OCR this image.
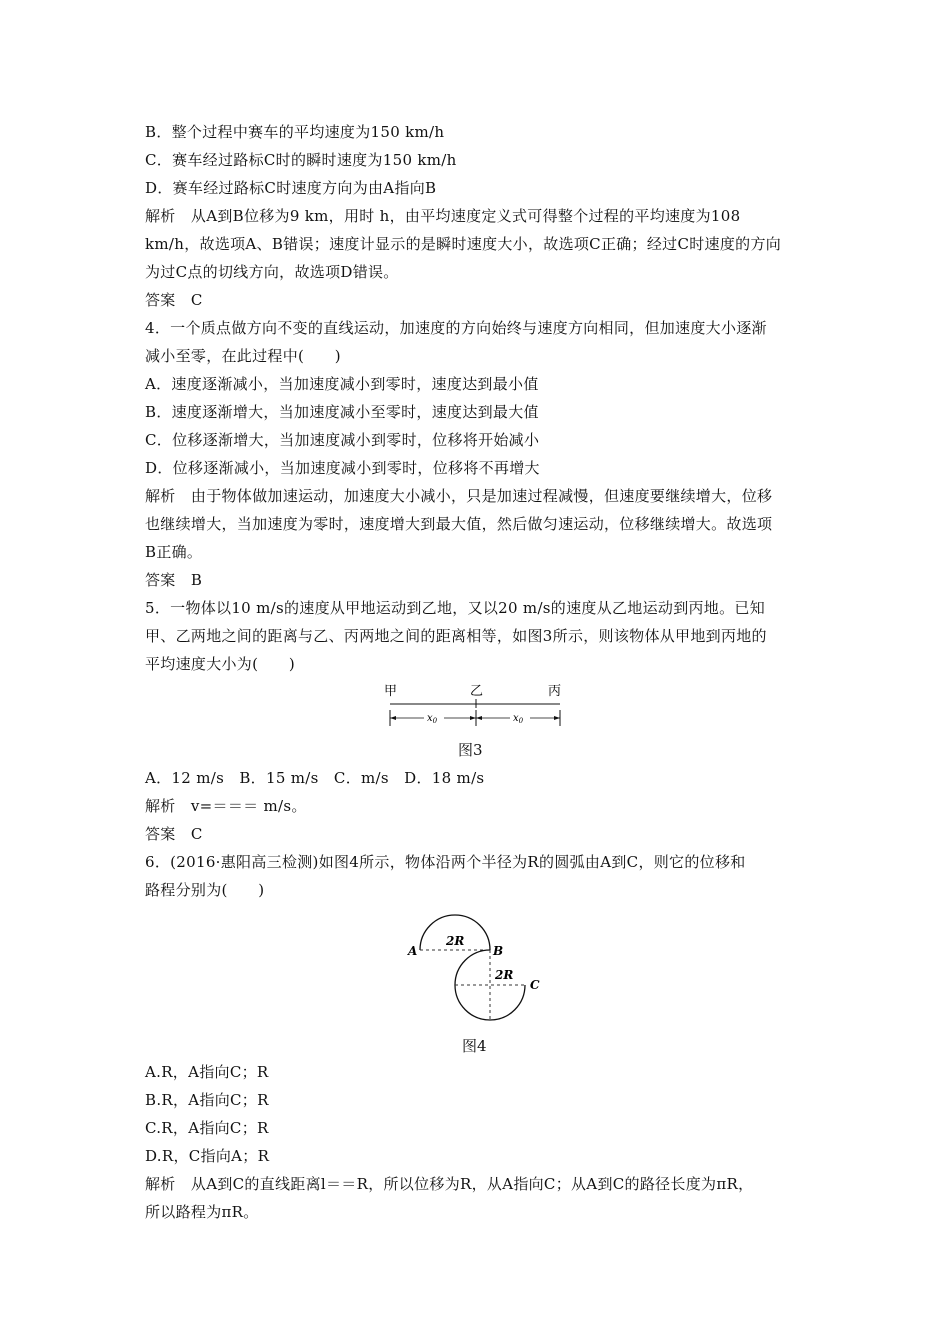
B．整个过程中赛车的平均速度为150 km/h
C．赛车经过路标C时的瞬时速度为150 km/h
D．赛车经过路标C时速度方向为由A指向B
解析　从A到B位移为9 km，用时 h，由平均速度定义式可得整个过程的平均速度为108
km/h，故选项A、B错误；速度计显示的是瞬时速度大小，故选项C正确；经过C时速度的方向
为过C点的切线方向，故选项D错误。
答案　C
4．一个质点做方向不变的直线运动，加速度的方向始终与速度方向相同，但加速度大小逐渐
减小至零，在此过程中(　　)
A．速度逐渐减小，当加速度减小到零时，速度达到最小值
B．速度逐渐增大，当加速度减小至零时，速度达到最大值
C．位移逐渐增大，当加速度减小到零时，位移将开始减小
D．位移逐渐减小，当加速度减小到零时，位移将不再增大
解析　由于物体做加速运动，加速度大小减小，只是加速过程减慢，但速度要继续增大，位移
也继续增大，当加速度为零时，速度增大到最大值，然后做匀速运动，位移继续增大。故选项
B正确。
答案　B
5．一物体以10 m/s的速度从甲地运动到乙地，又以20 m/s的速度从乙地运动到丙地。已知
甲、乙两地之间的距离与乙、丙两地之间的距离相等，如图3所示，则该物体从甲地到丙地的
平均速度大小为(　　)
甲	乙	丙
$x_0$	$x_0$
图3
A．12 m/s　B．15 m/s　C．m/s　D．18 m/s
解析　v=＝＝＝ m/s。
答案　C
6．(2016·惠阳高三检测)如图4所示，物体沿两个半径为R的圆弧由A到C，则它的位移和
路程分别为(　　)
A	B
C
2R
2R
图4
A.R，A指向C；R
B.R，A指向C；R
C.R，A指向C；R
D.R，C指向A；R
解析　从A到C的直线距离l＝＝R，所以位移为R，从A指向C；从A到C的路径长度为πR，
所以路程为πR。
